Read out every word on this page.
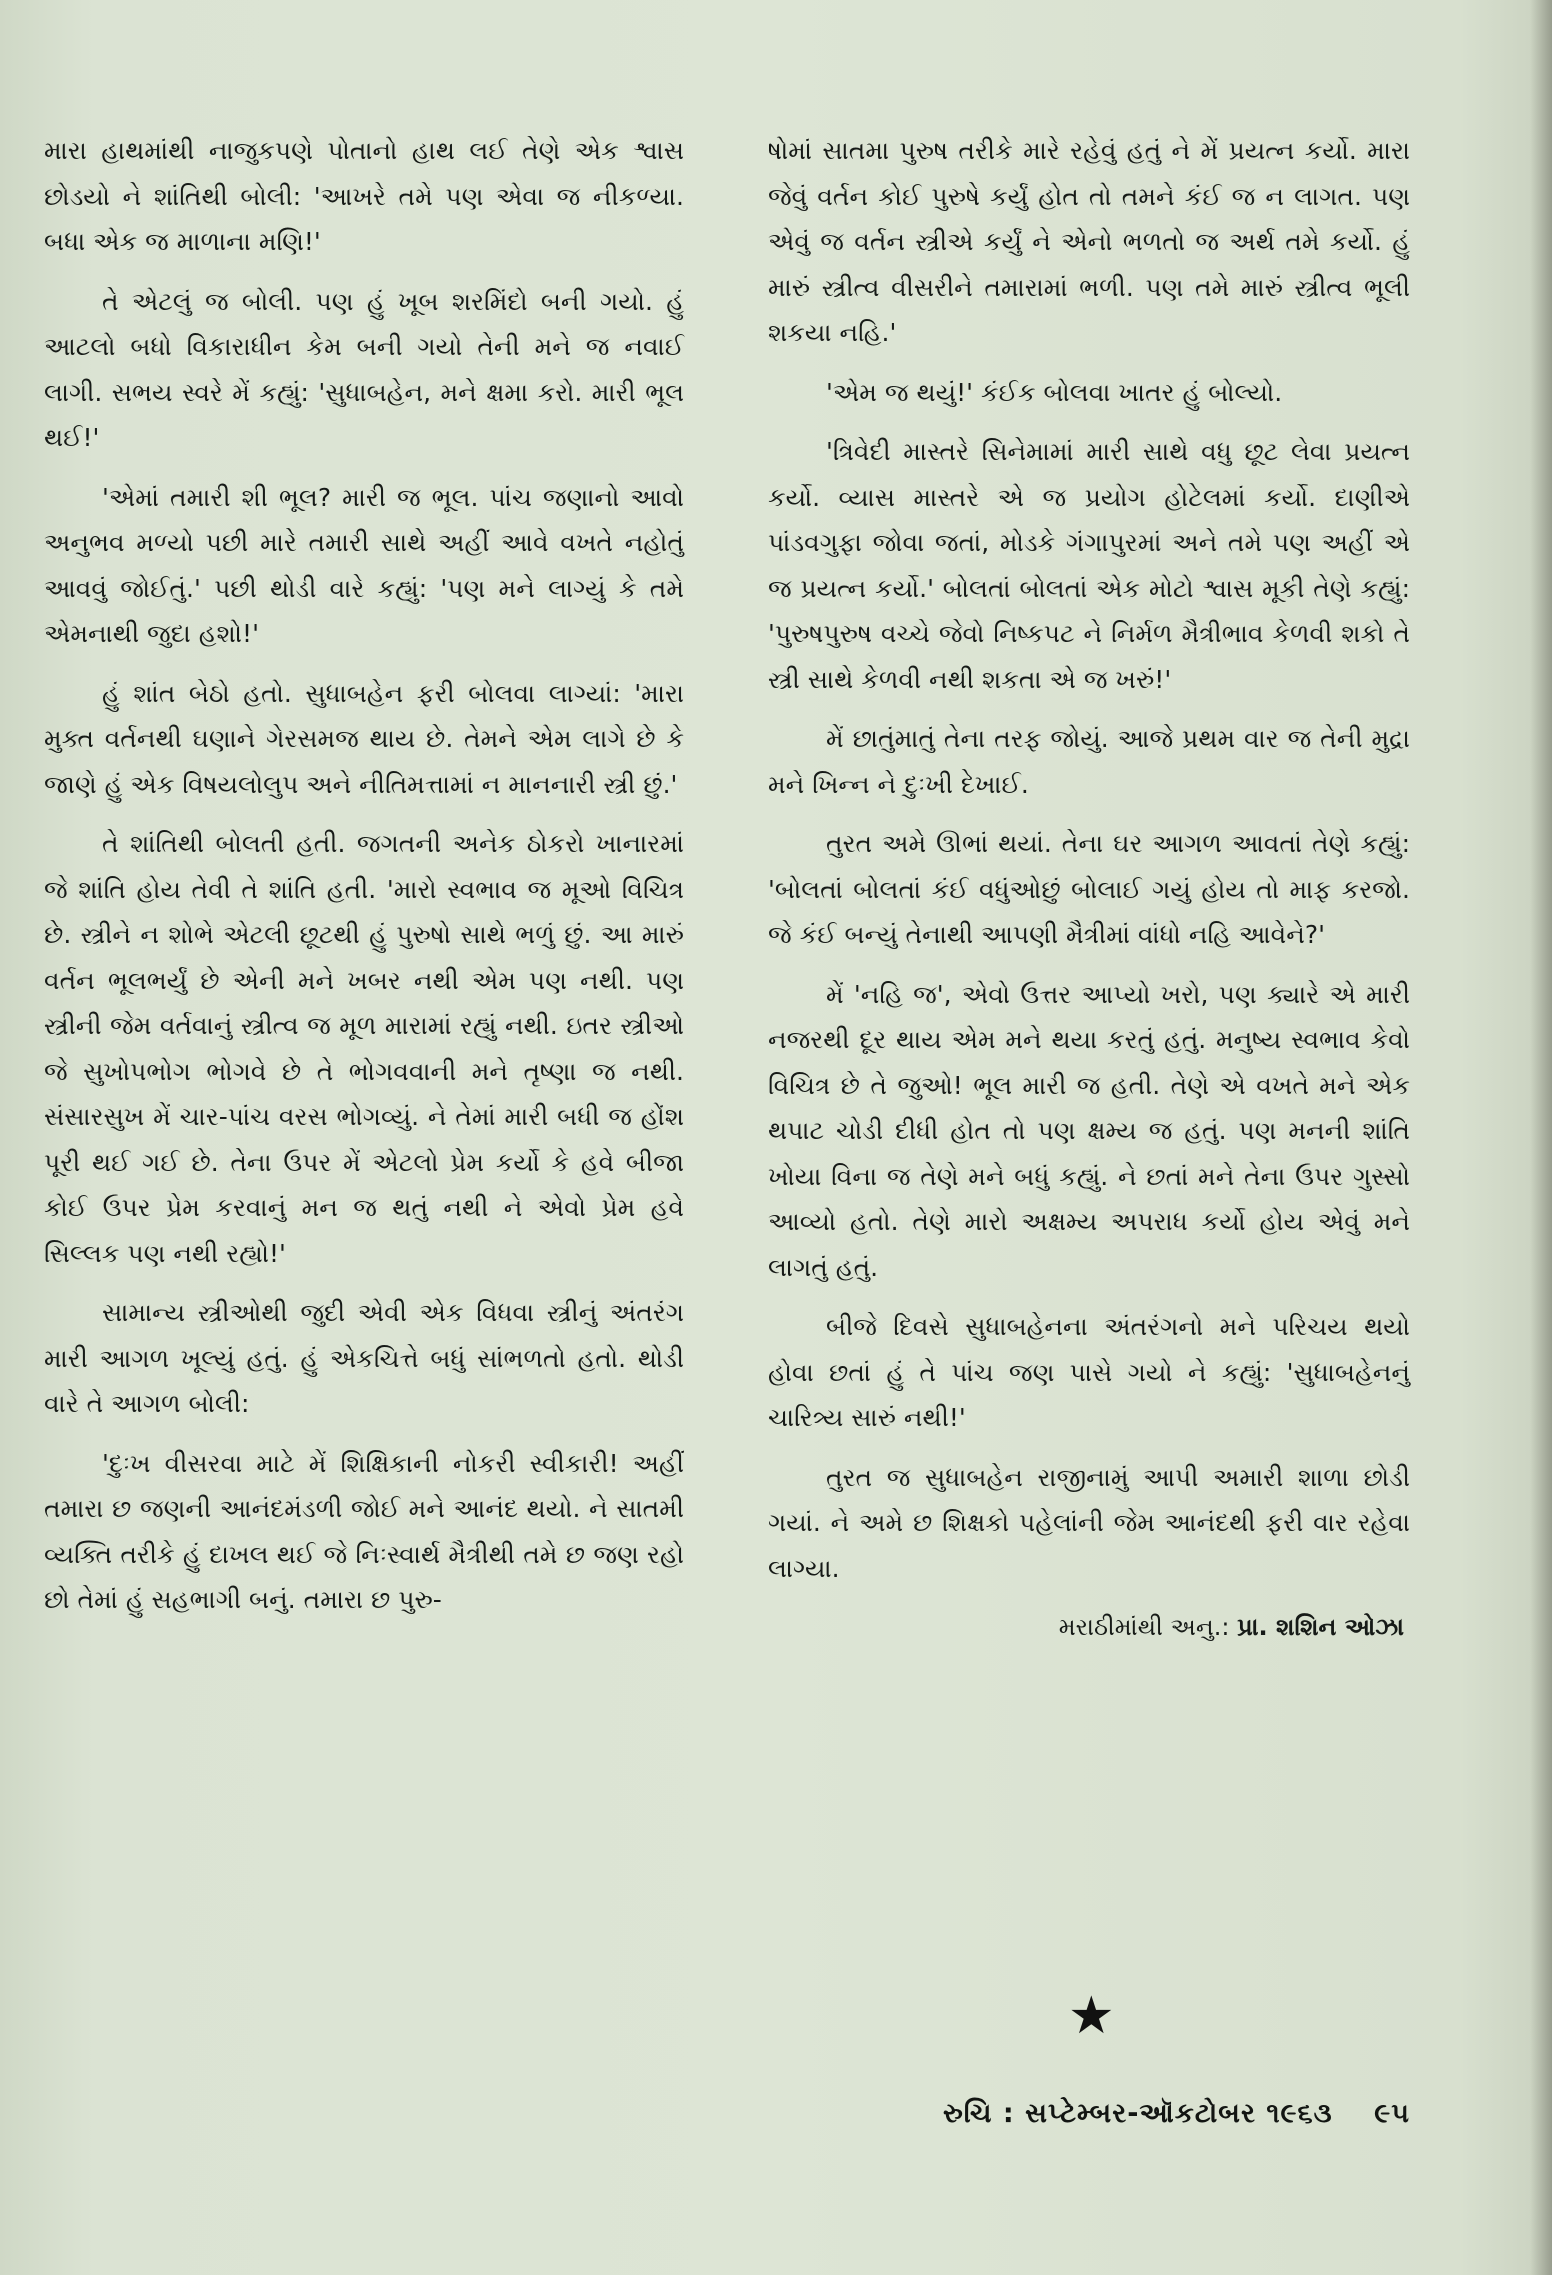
મારા હાથમાંથી નાજુકપણે પોતાનો હાથ લઈ તેણે એક શ્વાસ છોડયો ને શાંતિથી બોલી: 'આખરે તમે પણ એવા જ નીકળ્યા. બધા એક જ માળાના મણિ!'

તે એટલું જ બોલી. પણ હું ખૂબ શરમિંદો બની ગયો. હું આટલો બધો વિકારાધીન કેમ બની ગયો તેની મને જ નવાઈ લાગી. સભય સ્વરે મેં કહ્યું: 'સુધાબહેન, મને ક્ષમા કરો. મારી ભૂલ થઈ!'

'એમાં તમારી શી ભૂલ? મારી જ ભૂલ. પાંચ જણાનો આવો અનુભવ મળ્યો પછી મારે તમારી સાથે અહીં આવે વખતે નહોતું આવવું જોઈતું.' પછી થોડી વારે કહ્યું: 'પણ મને લાગ્યું કે તમે એમનાથી જુદા હશો!'

હું શાંત બેઠો હતો. સુધાબહેન ફરી બોલવા લાગ્યાં: 'મારા મુક્ત વર્તનથી ઘણાને ગેરસમજ થાય છે. તેમને એમ લાગે છે કે જાણે હું એક વિષયલોલુપ અને નીતિમત્તામાં ન માનનારી સ્ત્રી છું.'

તે શાંતિથી બોલતી હતી. જગતની અનેક ઠોકરો ખાનારમાં જે શાંતિ હોય તેવી તે શાંતિ હતી. 'મારો સ્વભાવ જ મૂઓ વિચિત્ર છે. સ્ત્રીને ન શોભે એટલી છૂટથી હું પુરુષો સાથે ભળું છું. આ મારું વર્તન ભૂલભર્યું છે એની મને ખબર નથી એમ પણ નથી. પણ સ્ત્રીની જેમ વર્તવાનું સ્ત્રીત્વ જ મૂળ મારામાં રહ્યું નથી. ઇતર સ્ત્રીઓ જે સુખોપભોગ ભોગવે છે તે ભોગવવાની મને તૃષ્ણા જ નથી. સંસારસુખ મેં ચાર-પાંચ વરસ ભોગવ્યું. ને તેમાં મારી બધી જ હોંશ પૂરી થઈ ગઈ છે. તેના ઉપર મેં એટલો પ્રેમ કર્યો કે હવે બીજા કોઈ ઉપર પ્રેમ કરવાનું મન જ થતું નથી ને એવો પ્રેમ હવે સિલ્લક પણ નથી રહ્યો!'

સામાન્ય સ્ત્રીઓથી જુદી એવી એક વિધવા સ્ત્રીનું અંતરંગ મારી આગળ ખૂલ્યું હતું. હું એકચિત્તે બધું સાંભળતો હતો. થોડી વારે તે આગળ બોલી:

'દુઃખ વીસરવા માટે મેં શિક્ષિકાની નોકરી સ્વીકારી! અહીં તમારા છ જણની આનંદમંડળી જોઈ મને આનંદ થયો. ને સાતમી વ્યક્તિ તરીકે હું દાખલ થઈ જે નિઃસ્વાર્થ મૈત્રીથી તમે છ જણ રહો છો તેમાં હું સહભાગી બનું. તમારા છ પુરુ-

ષોમાં સાતમા પુરુષ તરીકે મારે રહેવું હતું ને મેં પ્રયત્ન કર્યો. મારા જેવું વર્તન કોઈ પુરુષે કર્યું હોત તો તમને કંઈ જ ન લાગત. પણ એવું જ વર્તન સ્ત્રીએ કર્યું ને એનો ભળતો જ અર્થ તમે કર્યો. હું મારું સ્ત્રીત્વ વીસરીને તમારામાં ભળી. પણ તમે મારું સ્ત્રીત્વ ભૂલી શકયા નહિ.'

'એમ જ થયું!' કંઈક બોલવા ખાતર હું બોલ્યો.

'ત્રિવેદી માસ્તરે સિનેમામાં મારી સાથે વધુ છૂટ લેવા પ્રયત્ન કર્યો. વ્યાસ માસ્તરે એ જ પ્રયોગ હોટેલમાં કર્યો. દાણીએ પાંડવગુફા જોવા જતાં, મોડકે ગંગાપુરમાં અને તમે પણ અહીં એ જ પ્રયત્ન કર્યો.' બોલતાં બોલતાં એક મોટો શ્વાસ મૂકી તેણે કહ્યું: 'પુરુષપુરુષ વચ્ચે જેવો નિષ્કપટ ને નિર્મળ મૈત્રીભાવ કેળવી શકો તે સ્ત્રી સાથે કેળવી નથી શકતા એ જ ખરું!'

મેં છાતુંમાતું તેના તરફ જોયું. આજે પ્રથમ વાર જ તેની મુદ્રા મને ખિન્ન ને દુઃખી દેખાઈ.

તુરત અમે ઊભાં થયાં. તેના ઘર આગળ આવતાં તેણે કહ્યું: 'બોલતાં બોલતાં કંઈ વધુંઓછું બોલાઈ ગયું હોય તો માફ કરજો. જે કંઈ બન્યું તેનાથી આપણી મૈત્રીમાં વાંધો નહિ આવેને?'

મેં 'નહિ જ', એવો ઉત્તર આપ્યો ખરો, પણ ક્યારે એ મારી નજરથી દૂર થાય એમ મને થયા કરતું હતું. મનુષ્ય સ્વભાવ કેવો વિચિત્ર છે તે જુઓ! ભૂલ મારી જ હતી. તેણે એ વખતે મને એક થપાટ ચોડી દીધી હોત તો પણ ક્ષમ્ય જ હતું. પણ મનની શાંતિ ખોયા વિના જ તેણે મને બધું કહ્યું. ને છતાં મને તેના ઉપર ગુસ્સો આવ્યો હતો. તેણે મારો અક્ષમ્ય અપરાધ કર્યો હોય એવું મને લાગતું હતું.

બીજે દિવસે સુધાબહેનના અંતરંગનો મને પરિચય થયો હોવા છતાં હું તે પાંચ જણ પાસે ગયો ને કહ્યું: 'સુધાબહેનનું ચારિત્ર્ય સારું નથી!'

તુરત જ સુધાબહેન રાજીનામું આપી અમારી શાળા છોડી ગયાં. ને અમે છ શિક્ષકો પહેલાંની જેમ આનંદથી ફરી વાર રહેવા લાગ્યા.

મરાઠીમાંથી અનુ.: પ્રા. શશિન ઓઝા
★
રુચિ : સપ્ટેમ્બર-ઑકટોબર ૧૯૬૩ ૯૫
